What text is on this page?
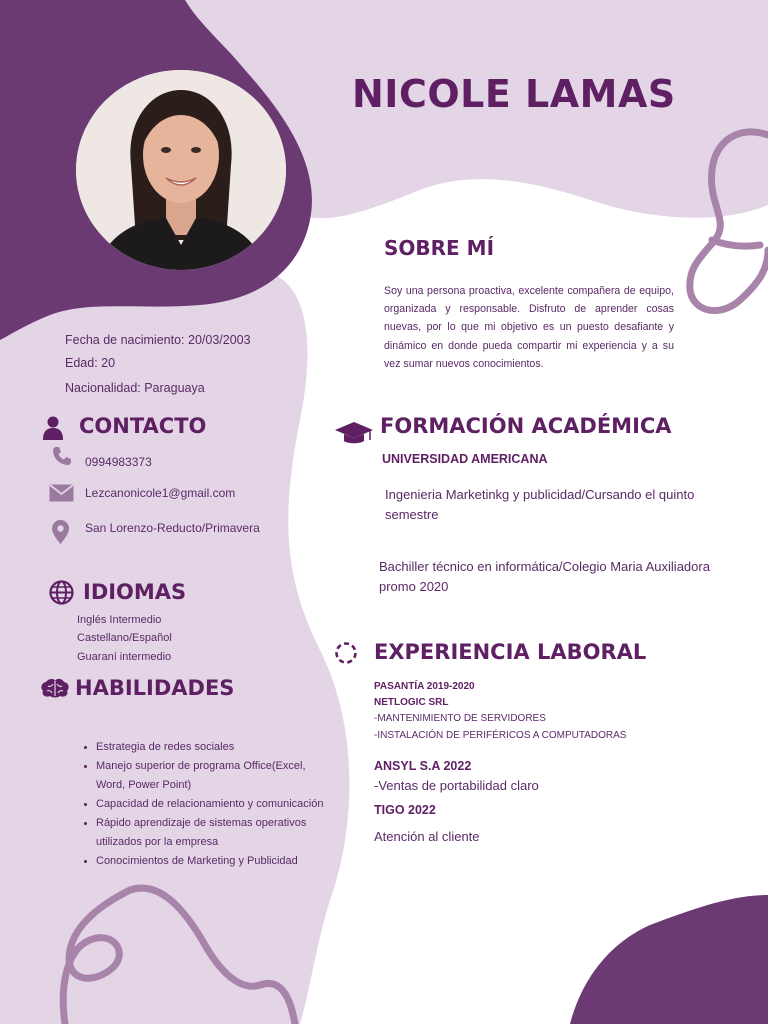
NICOLE LAMAS
SOBRE MÍ
Soy una persona proactiva, excelente compañera de equipo, organizada y responsable. Disfruto de aprender cosas nuevas, por lo que mi objetivo es un puesto desafiante y dinámico en donde pueda compartir mi experiencia y a su vez sumar nuevos conocimientos.
Fecha de nacimiento: 20/03/2003
Edad: 20
Nacionalidad: Paraguaya
CONTACTO
0994983373
Lezcanonicole1@gmail.com
San Lorenzo-Reducto/Primavera
IDIOMAS
Inglés Intermedio
Castellano/Español
Guaraní intermedio
HABILIDADES
• Estrategia de redes sociales
• Manejo superior de programa Office(Excel, Word, Power Point)
• Capacidad de relacionamiento y comunicación
• Rápido aprendizaje de sistemas operativos utilizados por la empresa
• Conocimientos de Marketing y Publicidad
FORMACIÓN ACADÉMICA
UNIVERSIDAD AMERICANA
Ingenieria Marketinkg y publicidad/Cursando el quinto semestre
Bachiller técnico en informática/Colegio Maria Auxiliadora promo 2020
EXPERIENCIA LABORAL
PASANTÍA 2019-2020
NETLOGIC SRL
-MANTENIMIENTO DE SERVIDORES
-INSTALACIÓN DE PERIFÉRICOS A COMPUTADORAS
ANSYL S.A 2022
-Ventas de portabilidad claro
TIGO 2022
Atención al cliente
